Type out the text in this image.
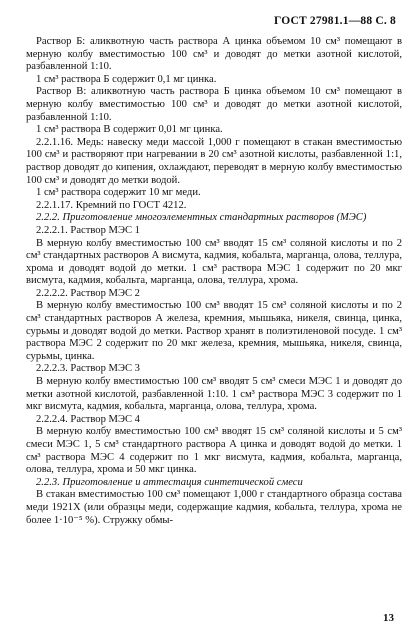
ГОСТ 27981.1—88 С. 8

Раствор Б: аликвотную часть раствора А цинка объемом 10 см³ помещают в мерную колбу вместимостью 100 см³ и доводят до метки азотной кислотой, разбавленной 1:10.

1 см³ раствора Б содержит 0,1 мг цинка.

Раствор В: аликвотную часть раствора Б цинка объемом 10 см³ помещают в мерную колбу вместимостью 100 см³ и доводят до метки азотной кислотой, разбавленной 1:10.

1 см³ раствора В содержит 0,01 мг цинка.

2.2.1.16. Медь: навеску меди массой 1,000 г помещают в стакан вместимостью 100 см³ и растворяют при нагревании в 20 см³ азотной кислоты, разбавленной 1:1, раствор доводят до кипения, охлаждают, переводят в мерную колбу вместимостью 100 см³ и доводят до метки водой.

1 см³ раствора содержит 10 мг меди.

2.2.1.17. Кремний по ГОСТ 4212.

2.2.2. Приготовление многоэлементных стандартных растворов (МЭС)

2.2.2.1. Раствор МЭС 1

В мерную колбу вместимостью 100 см³ вводят 15 см³ соляной кислоты и по 2 см³ стандартных растворов А висмута, кадмия, кобальта, марганца, олова, теллура, хрома и доводят водой до метки. 1 см³ раствора МЭС 1 содержит по 20 мкг висмута, кадмия, кобальта, марганца, олова, теллура, хрома.

2.2.2.2. Раствор МЭС 2

В мерную колбу вместимостью 100 см³ вводят 15 см³ соляной кислоты и по 2 см³ стандартных растворов А железа, кремния, мышьяка, никеля, свинца, цинка, сурьмы и доводят водой до метки. Раствор хранят в полиэтиленовой посуде. 1 см³ раствора МЭС 2 содержит по 20 мкг железа, кремния, мышьяка, никеля, свинца, сурьмы, цинка.

2.2.2.3. Раствор МЭС 3

В мерную колбу вместимостью 100 см³ вводят 5 см³ смеси МЭС 1 и доводят до метки азотной кислотой, разбавленной 1:10. 1 см³ раствора МЭС 3 содержит по 1 мкг висмута, кадмия, кобальта, марганца, олова, теллура, хрома.

2.2.2.4. Раствор МЭС 4

В мерную колбу вместимостью 100 см³ вводят 15 см³ соляной кислоты и 5 см³ смеси МЭС 1, 5 см³ стандартного раствора А цинка и доводят водой до метки. 1 см³ раствора МЭС 4 содержит по 1 мкг висмута, кадмия, кобальта, марганца, олова, теллура, хрома и 50 мкг цинка.

2.2.3. Приготовление и аттестация синтетической смеси

В стакан вместимостью 100 см³ помещают 1,000 г стандартного образца состава меди 1921Х (или образцы меди, содержащие кадмия, кобальта, теллура, хрома не более 1·10⁻⁵ %). Стружку обмы-

13
